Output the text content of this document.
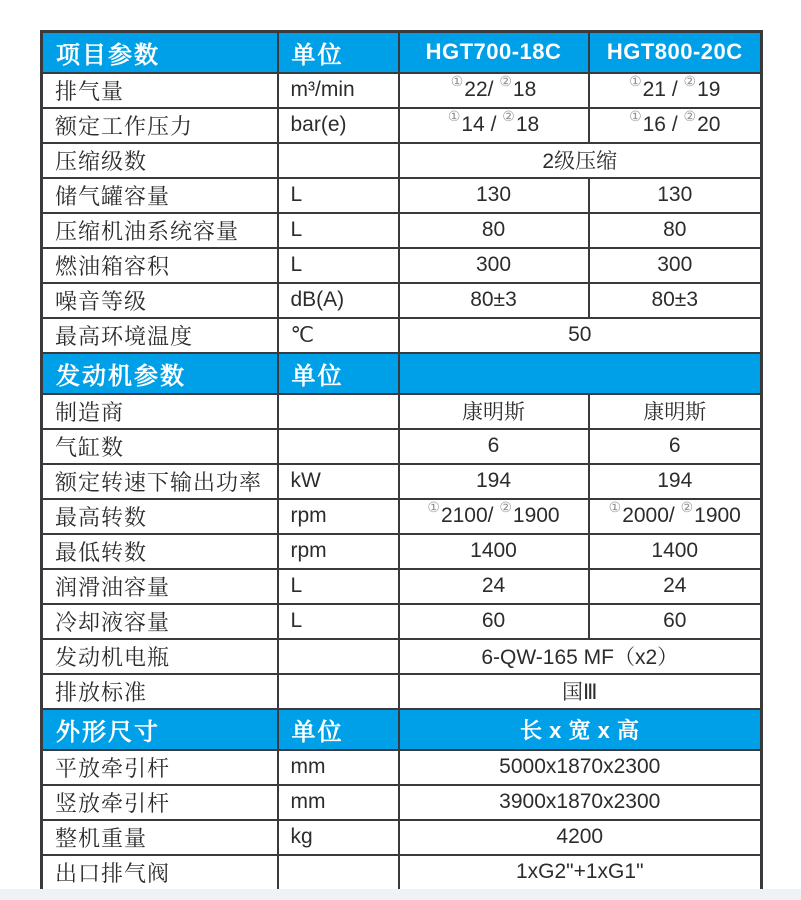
项目参数	单位	HGT700-18C	HGT800-20C
排气量	m³/min	①22/ ②18	①21 / ②19
额定工作压力	bar(e)	①14 / ②18	①16 / ②20
压缩级数		2级压缩	
储气罐容量	L	130	130
压缩机油系统容量	L	80	80
燃油箱容积	L	300	300
噪音等级	dB(A)	80±3	80±3
最高环境温度	℃	50	
发动机参数	单位		
制造商		康明斯	康明斯
气缸数		6	6
额定转速下输出功率	kW	194	194
最高转数	rpm	①2100/ ②1900	①2000/ ②1900
最低转数	rpm	1400	1400
润滑油容量	L	24	24
冷却液容量	L	60	60
发动机电瓶		6-QW-165 MF（x2）	
排放标准		国Ⅲ	
外形尺寸	单位	长 x 宽 x 高	
平放牵引杆	mm	5000x1870x2300	
竖放牵引杆	mm	3900x1870x2300	
整机重量	kg	4200	
出口排气阀		1xG2"+1xG1"	
